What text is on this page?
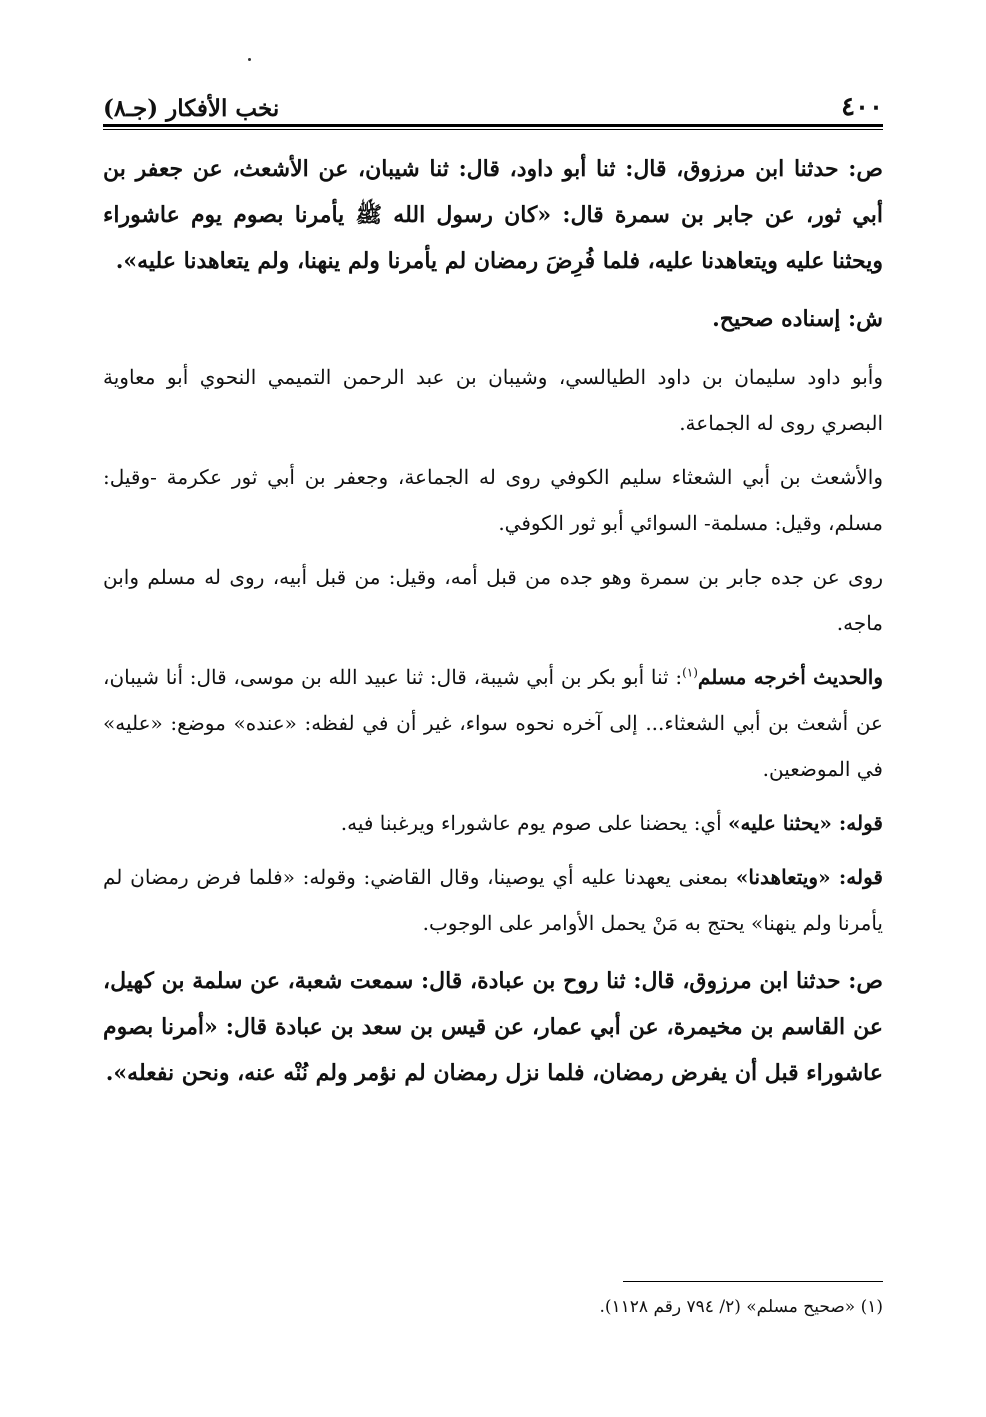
٤٠٠
نخب الأفكار (جـ٨)

ص: حدثنا ابن مرزوق، قال: ثنا أبو داود، قال: ثنا شيبان، عن الأشعث، عن جعفر بن أبي ثور، عن جابر بن سمرة قال: «كان رسول الله ﷺ يأمرنا بصوم يوم عاشوراء ويحثنا عليه ويتعاهدنا عليه، فلما فُرِضَ رمضان لم يأمرنا ولم ينهنا، ولم يتعاهدنا عليه».

ش: إسناده صحيح.

وأبو داود سليمان بن داود الطيالسي، وشيبان بن عبد الرحمن التميمي النحوي أبو معاوية البصري روى له الجماعة.

والأشعث بن أبي الشعثاء سليم الكوفي روى له الجماعة، وجعفر بن أبي ثور عكرمة -وقيل: مسلم، وقيل: مسلمة- السوائي أبو ثور الكوفي.

روى عن جده جابر بن سمرة وهو جده من قبل أمه، وقيل: من قبل أبيه، روى له مسلم وابن ماجه.

والحديث أخرجه مسلم$^{(١)}$: ثنا أبو بكر بن أبي شيبة، قال: ثنا عبيد الله بن موسى، قال: أنا شيبان، عن أشعث بن أبي الشعثاء... إلى آخره نحوه سواء، غير أن في لفظه: «عنده» موضع: «عليه» في الموضعين.

قوله: «يحثنا عليه» أي: يحضنا على صوم يوم عاشوراء ويرغبنا فيه.

قوله: «ويتعاهدنا» بمعنى يعهدنا عليه أي يوصينا، وقال القاضي: وقوله: «فلما فرض رمضان لم يأمرنا ولم ينهنا» يحتج به مَنْ يحمل الأوامر على الوجوب.

ص: حدثنا ابن مرزوق، قال: ثنا روح بن عبادة، قال: سمعت شعبة، عن سلمة بن كهيل، عن القاسم بن مخيمرة، عن أبي عمار، عن قيس بن سعد بن عبادة قال: «أمرنا بصوم عاشوراء قبل أن يفرض رمضان، فلما نزل رمضان لم نؤمر ولم نُنْه عنه، ونحن نفعله».

(١) «صحيح مسلم» (٢/ ٧٩٤ رقم ١١٢٨).
